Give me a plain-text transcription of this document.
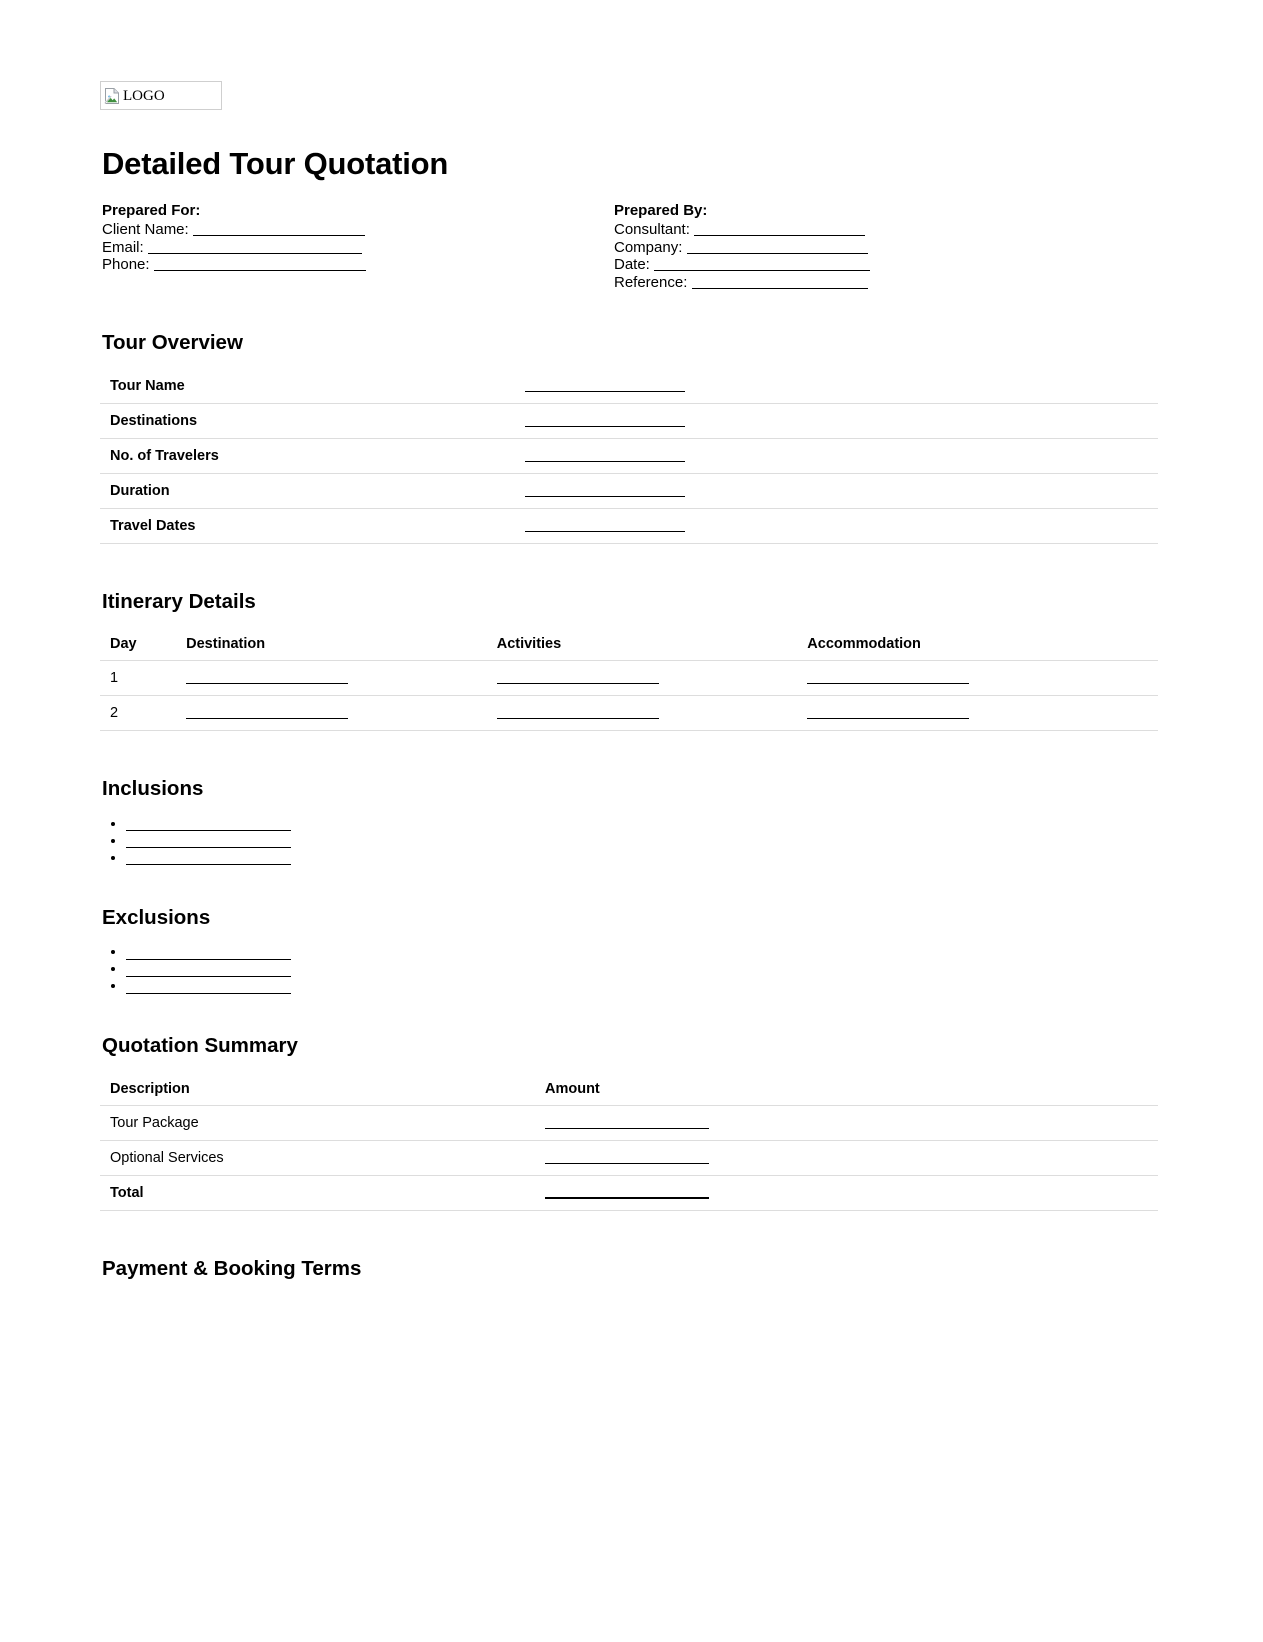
LOGO
Detailed Tour Quotation
Prepared For:
Client Name:
Email:
Phone:
Prepared By:
Consultant:
Company:
Date:
Reference:
Tour Overview
Tour Name	
Destinations	
No. of Travelers	
Duration	
Travel Dates	
Itinerary Details
Day	Destination	Activities	Accommodation
1			
2			
Inclusions
•
•
•
Exclusions
•
•
•
Quotation Summary
Description	Amount
Tour Package	
Optional Services	
Total	
Payment & Booking Terms
